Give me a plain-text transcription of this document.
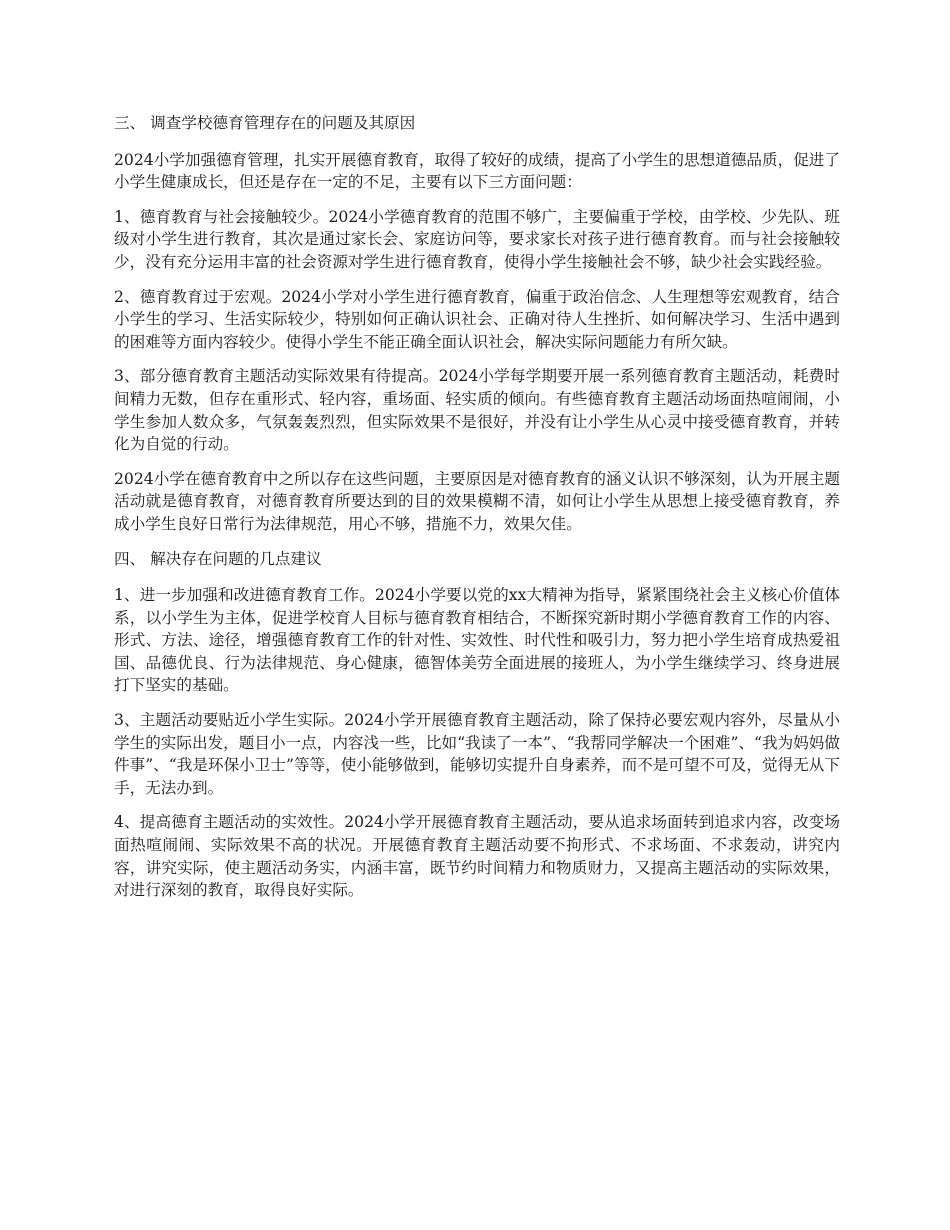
三、 调查学校德育管理存在的问题及其原因

2024小学加强德育管理，扎实开展德育教育，取得了较好的成绩，提高了小学生的思想道德品质，促进了小学生健康成长，但还是存在一定的不足，主要有以下三方面问题：

1、德育教育与社会接触较少。2024小学德育教育的范围不够广，主要偏重于学校，由学校、少先队、班级对小学生进行教育，其次是通过家长会、家庭访问等，要求家长对孩子进行德育教育。而与社会接触较少，没有充分运用丰富的社会资源对学生进行德育教育，使得小学生接触社会不够，缺少社会实践经验。

2、德育教育过于宏观。2024小学对小学生进行德育教育，偏重于政治信念、人生理想等宏观教育，结合小学生的学习、生活实际较少，特别如何正确认识社会、正确对待人生挫折、如何解决学习、生活中遇到的困难等方面内容较少。使得小学生不能正确全面认识社会，解决实际问题能力有所欠缺。

3、部分德育教育主题活动实际效果有待提高。2024小学每学期要开展一系列德育教育主题活动，耗费时间精力无数，但存在重形式、轻内容，重场面、轻实质的倾向。有些德育教育主题活动场面热喧闹闹，小学生参加人数众多，气氛轰轰烈烈，但实际效果不是很好，并没有让小学生从心灵中接受德育教育，并转化为自觉的行动。

2024小学在德育教育中之所以存在这些问题，主要原因是对德育教育的涵义认识不够深刻，认为开展主题活动就是德育教育，对德育教育所要达到的目的效果模糊不清，如何让小学生从思想上接受德育教育，养成小学生良好日常行为法律规范，用心不够，措施不力，效果欠佳。

四、 解决存在问题的几点建议

1、进一步加强和改进德育教育工作。2024小学要以党的xx大精神为指导，紧紧围绕社会主义核心价值体系，以小学生为主体，促进学校育人目标与德育教育相结合，不断探究新时期小学德育教育工作的内容、形式、方法、途径，增强德育教育工作的针对性、实效性、时代性和吸引力，努力把小学生培育成热爱祖国、品德优良、行为法律规范、身心健康，德智体美劳全面进展的接班人，为小学生继续学习、终身进展打下坚实的基础。

3、主题活动要贴近小学生实际。2024小学开展德育教育主题活动，除了保持必要宏观内容外，尽量从小学生的实际出发，题目小一点，内容浅一些，比如“我读了一本”、“我帮同学解决一个困难”、“我为妈妈做件事”、“我是环保小卫士”等等，使小能够做到，能够切实提升自身素养，而不是可望不可及，觉得无从下手，无法办到。

4、提高德育主题活动的实效性。2024小学开展德育教育主题活动，要从追求场面转到追求内容，改变场面热喧闹闹、实际效果不高的状况。开展德育教育主题活动要不拘形式、不求场面、不求轰动，讲究内容，讲究实际，使主题活动务实，内涵丰富，既节约时间精力和物质财力，又提高主题活动的实际效果，对进行深刻的教育，取得良好实际。
